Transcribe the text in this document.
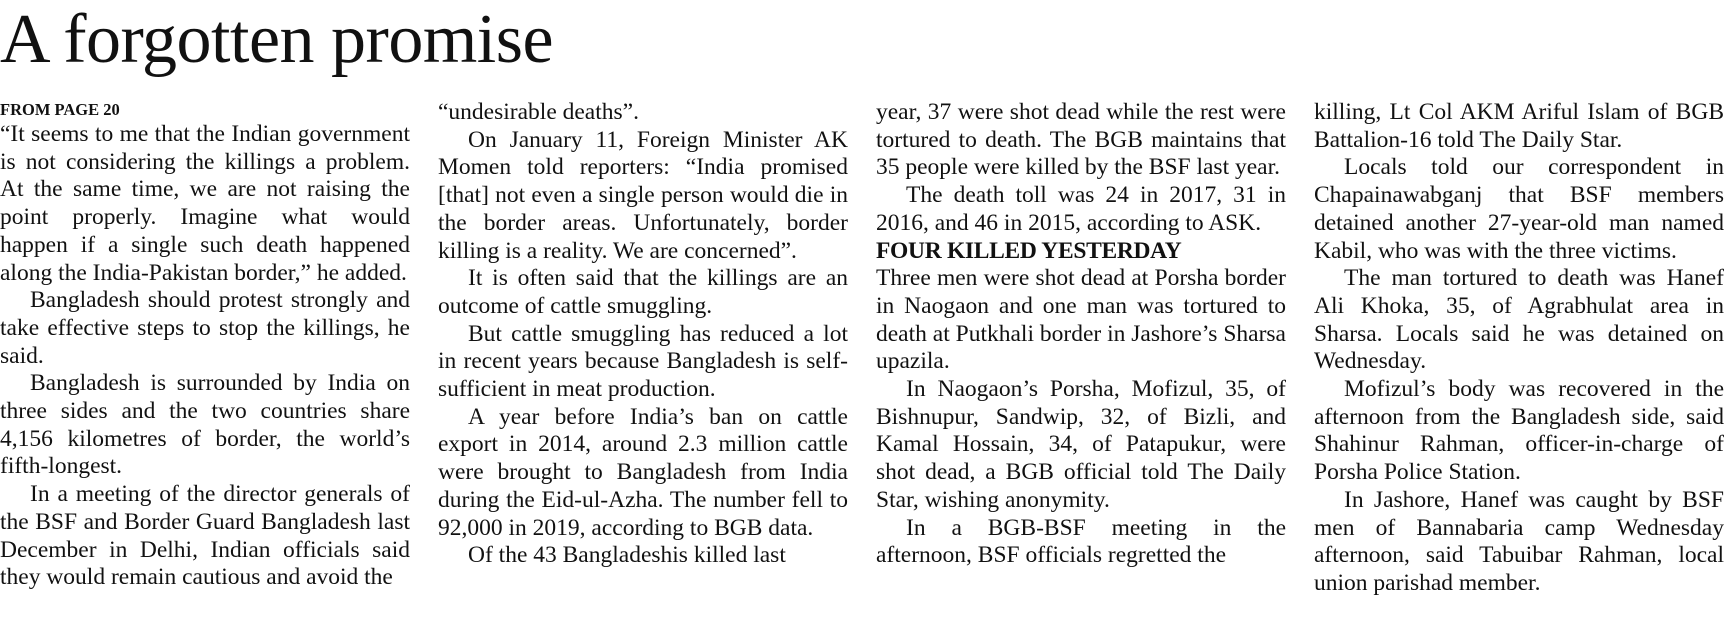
A forgotten promise
FROM PAGE 20

“It seems to me that the Indian government is not considering the killings a problem. At the same time, we are not raising the point properly. Imagine what would happen if a single such death happened along the India-Pakistan border,” he added.

Bangladesh should protest strongly and take effective steps to stop the killings, he said.

Bangladesh is surrounded by India on three sides and the two countries share 4,156 kilometres of border, the world’s fifth-longest.

In a meeting of the director generals of the BSF and Border Guard Bangladesh last December in Delhi, Indian officials said they would remain cautious and avoid the

“undesirable deaths”.

On January 11, Foreign Minister AK Momen told reporters: “India promised [that] not even a single person would die in the border areas. Unfortunately, border killing is a reality. We are concerned”.

It is often said that the killings are an outcome of cattle smuggling.

But cattle smuggling has reduced a lot in recent years because Bangladesh is self-sufficient in meat production.

A year before India’s ban on cattle export in 2014, around 2.3 million cattle were brought to Bangladesh from India during the Eid-ul-Azha. The number fell to 92,000 in 2019, according to BGB data.

Of the 43 Bangladeshis killed last

year, 37 were shot dead while the rest were tortured to death. The BGB maintains that 35 people were killed by the BSF last year.

The death toll was 24 in 2017, 31 in 2016, and 46 in 2015, according to ASK.

FOUR KILLED YESTERDAY

Three men were shot dead at Porsha border in Naogaon and one man was tortured to death at Putkhali border in Jashore’s Sharsa upazila.

In Naogaon’s Porsha, Mofizul, 35, of Bishnupur, Sandwip, 32, of Bizli, and Kamal Hossain, 34, of Patapukur, were shot dead, a BGB official told The Daily Star, wishing anonymity.

In a BGB-BSF meeting in the afternoon, BSF officials regretted the

killing, Lt Col AKM Ariful Islam of BGB Battalion-16 told The Daily Star.

Locals told our correspondent in Chapainawabganj that BSF members detained another 27-year-old man named Kabil, who was with the three victims.

The man tortured to death was Hanef Ali Khoka, 35, of Agrabhulat area in Sharsa. Locals said he was detained on Wednesday.

Mofizul’s body was recovered in the afternoon from the Bangladesh side, said Shahinur Rahman, officer-in-charge of Porsha Police Station.

In Jashore, Hanef was caught by BSF men of Bannabaria camp Wednesday afternoon, said Tabuibar Rahman, local union parishad member.
